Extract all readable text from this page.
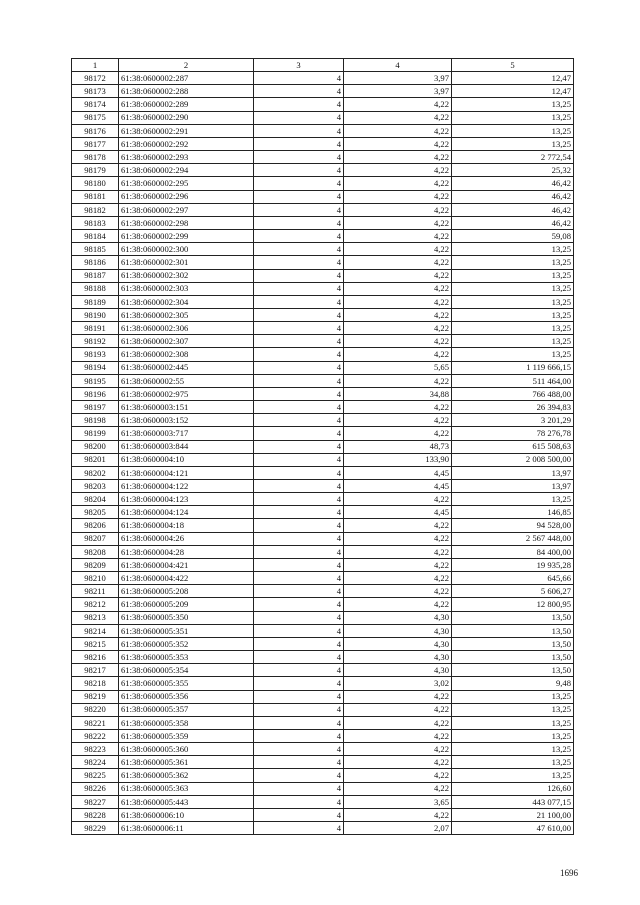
1	2	3	4	5
98172	61:38:0600002:287	4	3,97	12,47
98173	61:38:0600002:288	4	3,97	12,47
98174	61:38:0600002:289	4	4,22	13,25
98175	61:38:0600002:290	4	4,22	13,25
98176	61:38:0600002:291	4	4,22	13,25
98177	61:38:0600002:292	4	4,22	13,25
98178	61:38:0600002:293	4	4,22	2 772,54
98179	61:38:0600002:294	4	4,22	25,32
98180	61:38:0600002:295	4	4,22	46,42
98181	61:38:0600002:296	4	4,22	46,42
98182	61:38:0600002:297	4	4,22	46,42
98183	61:38:0600002:298	4	4,22	46,42
98184	61:38:0600002:299	4	4,22	59,08
98185	61:38:0600002:300	4	4,22	13,25
98186	61:38:0600002:301	4	4,22	13,25
98187	61:38:0600002:302	4	4,22	13,25
98188	61:38:0600002:303	4	4,22	13,25
98189	61:38:0600002:304	4	4,22	13,25
98190	61:38:0600002:305	4	4,22	13,25
98191	61:38:0600002:306	4	4,22	13,25
98192	61:38:0600002:307	4	4,22	13,25
98193	61:38:0600002:308	4	4,22	13,25
98194	61:38:0600002:445	4	5,65	1 119 666,15
98195	61:38:0600002:55	4	4,22	511 464,00
98196	61:38:0600002:975	4	34,88	766 488,00
98197	61:38:0600003:151	4	4,22	26 394,83
98198	61:38:0600003:152	4	4,22	3 201,29
98199	61:38:0600003:717	4	4,22	78 276,78
98200	61:38:0600003:844	4	48,73	615 508,63
98201	61:38:0600004:10	4	133,90	2 008 500,00
98202	61:38:0600004:121	4	4,45	13,97
98203	61:38:0600004:122	4	4,45	13,97
98204	61:38:0600004:123	4	4,22	13,25
98205	61:38:0600004:124	4	4,45	146,85
98206	61:38:0600004:18	4	4,22	94 528,00
98207	61:38:0600004:26	4	4,22	2 567 448,00
98208	61:38:0600004:28	4	4,22	84 400,00
98209	61:38:0600004:421	4	4,22	19 935,28
98210	61:38:0600004:422	4	4,22	645,66
98211	61:38:0600005:208	4	4,22	5 606,27
98212	61:38:0600005:209	4	4,22	12 800,95
98213	61:38:0600005:350	4	4,30	13,50
98214	61:38:0600005:351	4	4,30	13,50
98215	61:38:0600005:352	4	4,30	13,50
98216	61:38:0600005:353	4	4,30	13,50
98217	61:38:0600005:354	4	4,30	13,50
98218	61:38:0600005:355	4	3,02	9,48
98219	61:38:0600005:356	4	4,22	13,25
98220	61:38:0600005:357	4	4,22	13,25
98221	61:38:0600005:358	4	4,22	13,25
98222	61:38:0600005:359	4	4,22	13,25
98223	61:38:0600005:360	4	4,22	13,25
98224	61:38:0600005:361	4	4,22	13,25
98225	61:38:0600005:362	4	4,22	13,25
98226	61:38:0600005:363	4	4,22	126,60
98227	61:38:0600005:443	4	3,65	443 077,15
98228	61:38:0600006:10	4	4,22	21 100,00
98229	61:38:0600006:11	4	2,07	47 610,00
1696
